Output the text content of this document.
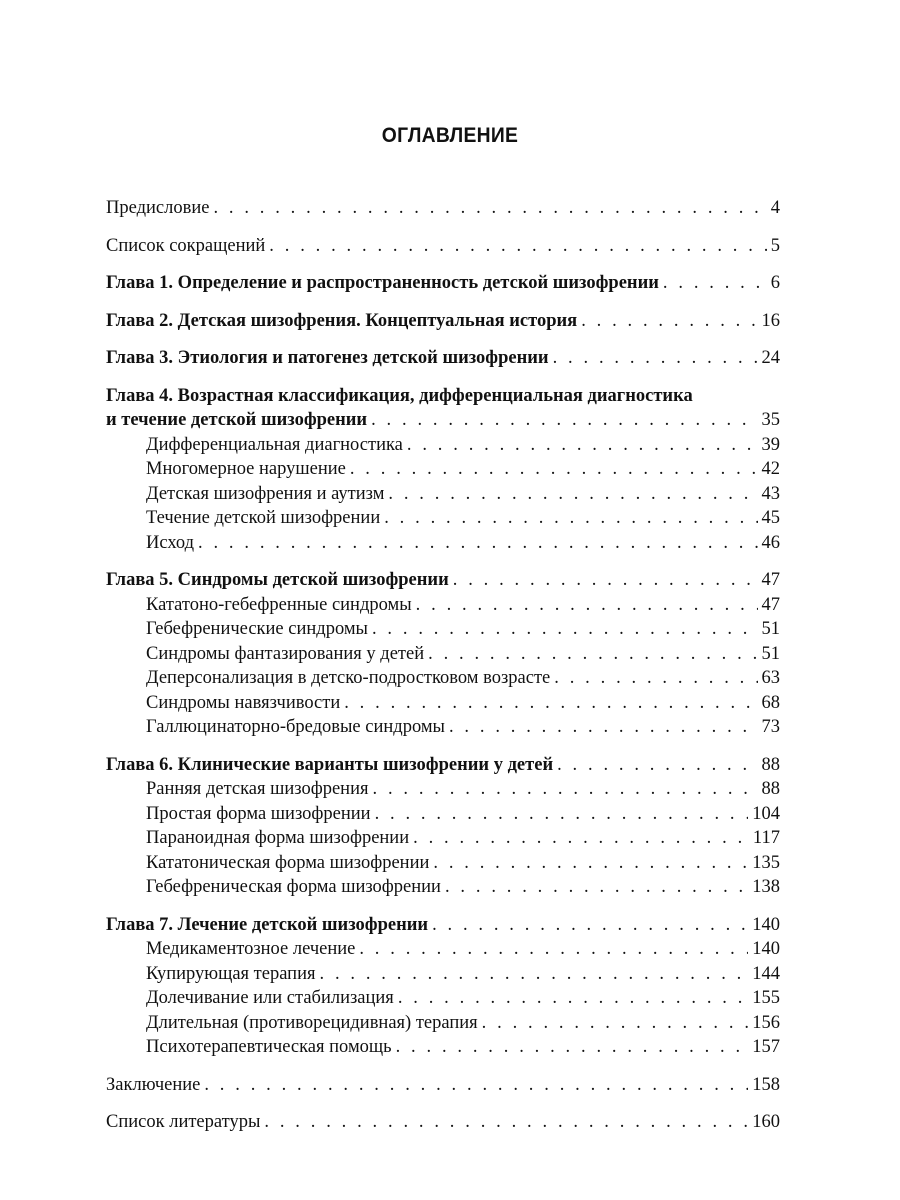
ОГЛАВЛЕНИЕ
Предисловие . . .	4
Список сокращений . . .	5
Глава 1. Определение и распространенность детской шизофрении . . .	6
Глава 2. Детская шизофрения. Концептуальная история . . .	16
Глава 3. Этиология и патогенез детской шизофрении . . .	24
Глава 4. Возрастная классификация, дифференциальная диагностика
и течение детской шизофрении . . .	35
Дифференциальная диагностика . . .	39
Многомерное нарушение . . .	42
Детская шизофрения и аутизм . . .	43
Течение детской шизофрении . . .	45
Исход . . .	46
Глава 5. Синдромы детской шизофрении . . .	47
Кататоно-гебефренные синдромы . . .	47
Гебефренические синдромы . . .	51
Синдромы фантазирования у детей . . .	51
Деперсонализация в детско-подростковом возрасте . . .	63
Синдромы навязчивости . . .	68
Галлюцинаторно-бредовые синдромы . . .	73
Глава 6. Клинические варианты шизофрении у детей . . .	88
Ранняя детская шизофрения . . .	88
Простая форма шизофрении . . .	104
Параноидная форма шизофрении . . .	117
Кататоническая форма шизофрении . . .	135
Гебефреническая форма шизофрении . . .	138
Глава 7. Лечение детской шизофрении . . .	140
Медикаментозное лечение . . .	140
Купирующая терапия . . .	144
Долечивание или стабилизация . . .	155
Длительная (противорецидивная) терапия . . .	156
Психотерапевтическая помощь . . .	157
Заключение . . .	158
Список литературы . . .	160
